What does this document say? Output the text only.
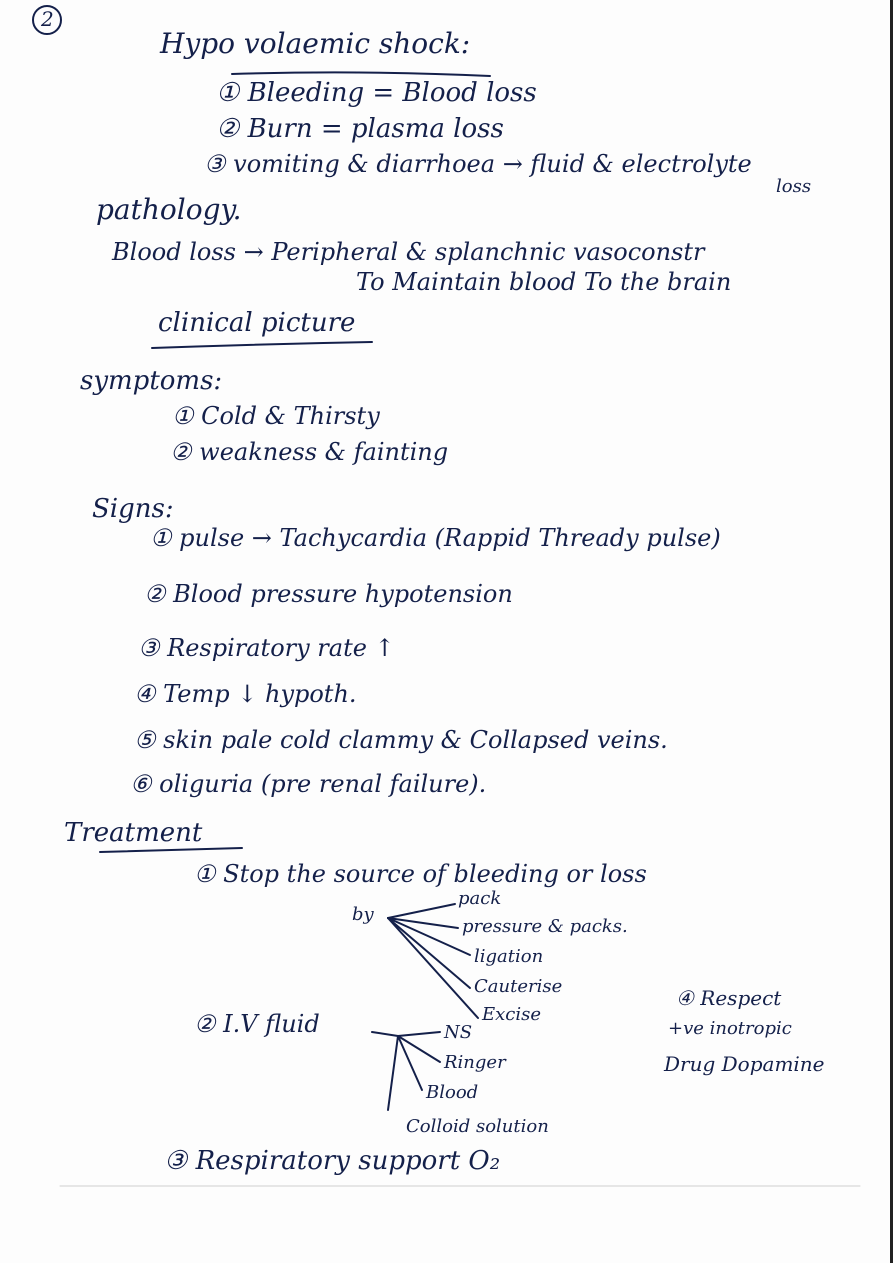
2
Hypo volaemic shock:
① Bleeding = Blood loss
② Burn = plasma loss
③ vomiting & diarrhoea → fluid & electrolyte
loss
pathology.
Blood loss → Peripheral & splanchnic vasoconstr
To Maintain blood To the brain
clinical picture
symptoms:
① Cold & Thirsty
② weakness & fainting
Signs:
① pulse → Tachycardia (Rappid Thready pulse)
② Blood pressure hypotension
③ Respiratory rate ↑
④ Temp ↓ hypoth.
⑤ skin pale cold clammy & Collapsed veins.
⑥ oliguria (pre renal failure).
Treatment
① Stop the source of bleeding or loss
by
pack
pressure & packs.
ligation
Cauterise
Excise
② I.V fluid	NS
Ringer
Blood
Colloid solution
③ Respiratory support O₂
④ Respect
+ve inotropic
Drug Dopamine
